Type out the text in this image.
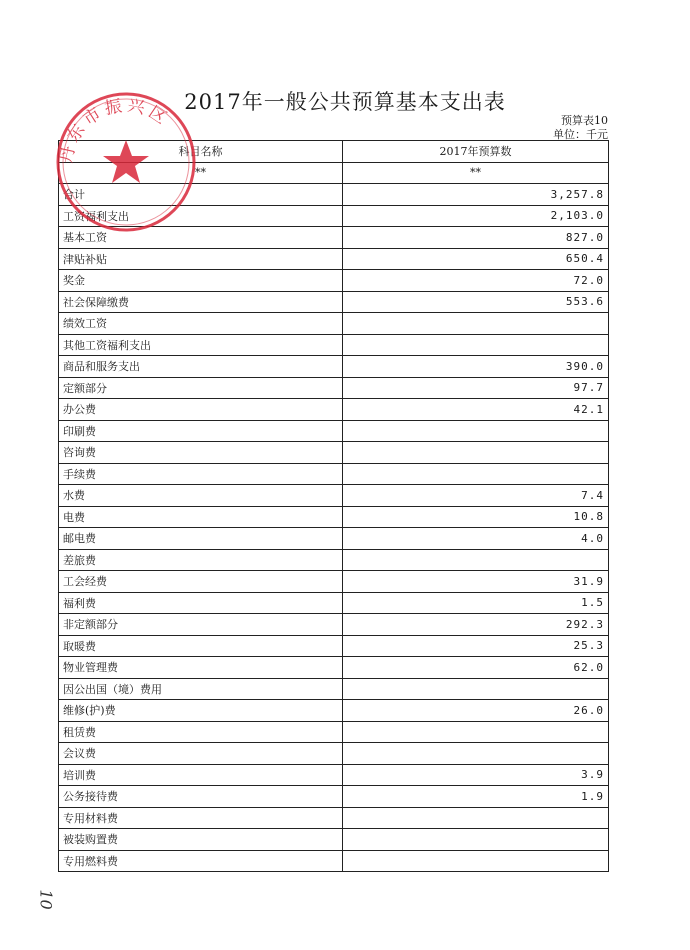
2017年一般公共预算基本支出表
预算表10
单位：千元
科目名称	2017年预算数
**	**
合计	3,257.8
工资福利支出	2,103.0
基本工资	827.0
津贴补贴	650.4
奖金	72.0
社会保障缴费	553.6
绩效工资	
其他工资福利支出	
商品和服务支出	390.0
定额部分	97.7
办公费	42.1
印刷费	
咨询费	
手续费	
水费	7.4
电费	10.8
邮电费	4.0
差旅费	
工会经费	31.9
福利费	1.5
非定额部分	292.3
取暖费	25.3
物业管理费	62.0
因公出国（境）费用	
维修(护)费	26.0
租赁费	
会议费	
培训费	3.9
公务接待费	1.9
专用材料费	
被装购置费	
专用燃料费	
丹东市振兴区
10
